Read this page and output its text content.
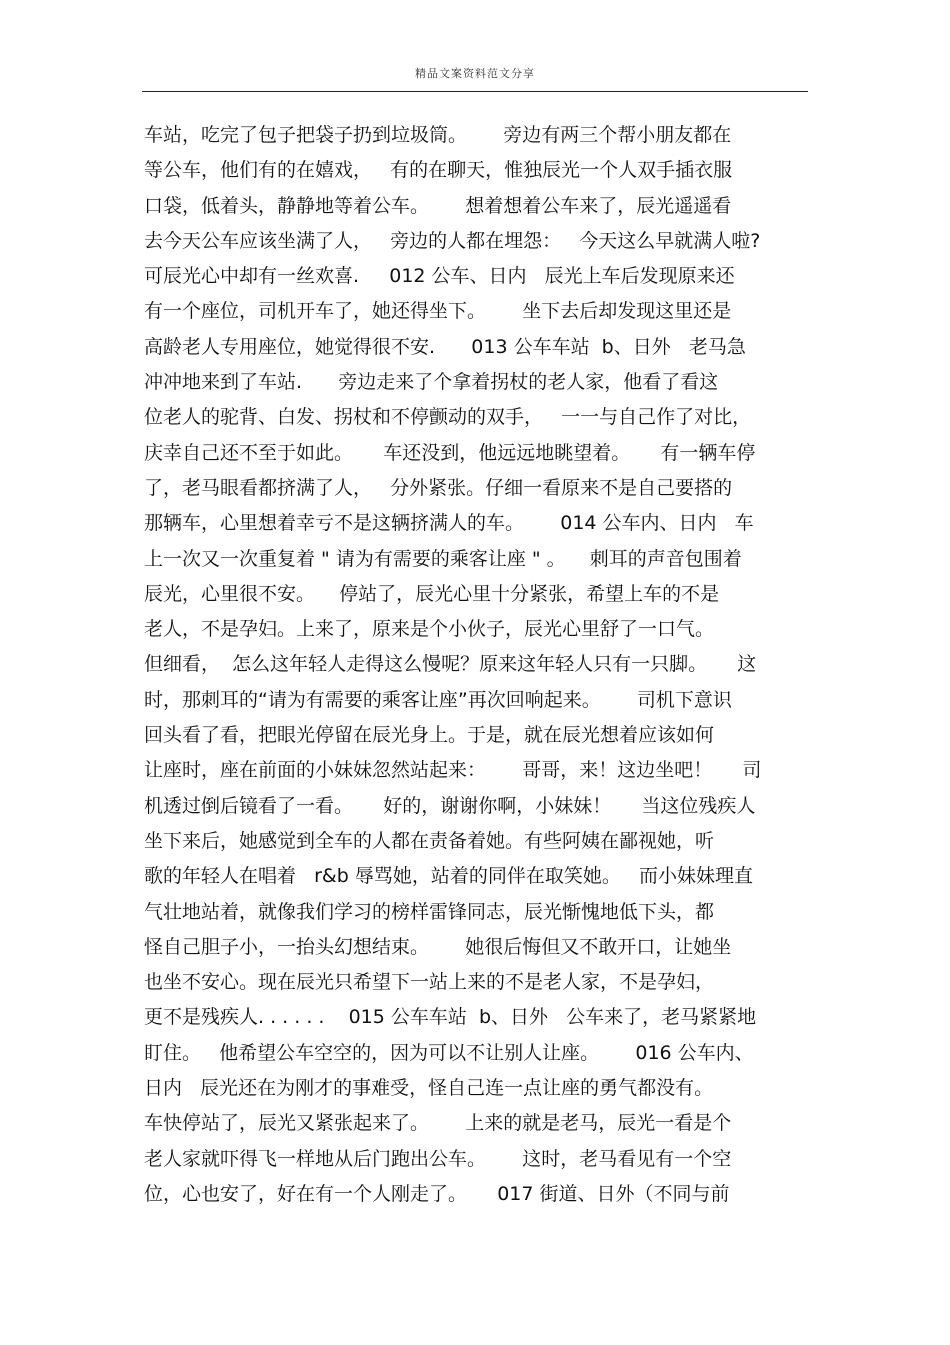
精品文案资料范文分享
车站，吃完了包子把袋子扔到垃圾筒。      旁边有两三个帮小朋友都在
等公车，他们有的在嬉戏，   有的在聊天，惟独辰光一个人双手插衣服
口袋，低着头，静静地等着公车。      想着想着公车来了，辰光遥遥看
去今天公车应该坐满了人，   旁边的人都在埋怨：   今天这么早就满人啦?
可辰光心中却有一丝欢喜.     012 公车、日内   辰光上车后发现原来还
有一个座位，司机开车了，她还得坐下。      坐下去后却发现这里还是
高龄老人专用座位，她觉得很不安.      013 公车车站  b、日外   老马急
冲冲地来到了车站.      旁边走来了个拿着拐杖的老人家，他看了看这
位老人的驼背、白发、拐杖和不停颤动的双手，   一一与自己作了对比，
庆幸自己还不至于如此。     车还没到，他远远地眺望着。     有一辆车停
了，老马眼看都挤满了人，   分外紧张。仔细一看原来不是自己要搭的
那辆车，心里想着幸亏不是这辆挤满人的车。      014 公车内、日内   车
上一次又一次重复着 " 请为有需要的乘客让座 " 。    刺耳的声音包围着
辰光，心里很不安。    停站了，辰光心里十分紧张，希望上车的不是
老人，不是孕妇。上来了，原来是个小伙子，辰光心里舒了一口气。
但细看，  怎么这年轻人走得这么慢呢？原来这年轻人只有一只脚。     这
时，那刺耳的“请为有需要的乘客让座”再次回响起来。      司机下意识
回头看了看，把眼光停留在辰光身上。于是，就在辰光想着应该如何
让座时，座在前面的小妹妹忽然站起来：      哥哥，来！这边坐吧！     司
机透过倒后镜看了一看。     好的，谢谢你啊，小妹妹！     当这位残疾人
坐下来后，她感觉到全车的人都在责备着她。有些阿姨在鄙视她，听
歌的年轻人在唱着   r&b 辱骂她，站着的同伴在取笑她。   而小妹妹理直
气壮地站着，就像我们学习的榜样雷锋同志，辰光惭愧地低下头，都
怪自己胆子小，一抬头幻想结束。      她很后悔但又不敢开口，让她坐
也坐不安心。现在辰光只希望下一站上来的不是老人家，不是孕妇，
更不是残疾人. . . . . .    015 公车车站  b、日外   公车来了，老马紧紧地
盯住。   他希望公车空空的，因为可以不让别人让座。      016 公车内、
日内   辰光还在为刚才的事难受，怪自己连一点让座的勇气都没有。
车快停站了，辰光又紧张起来了。      上来的就是老马，辰光一看是个
老人家就吓得飞一样地从后门跑出公车。      这时，老马看见有一个空
位，心也安了，好在有一个人刚走了。     017 街道、日外（不同与前
